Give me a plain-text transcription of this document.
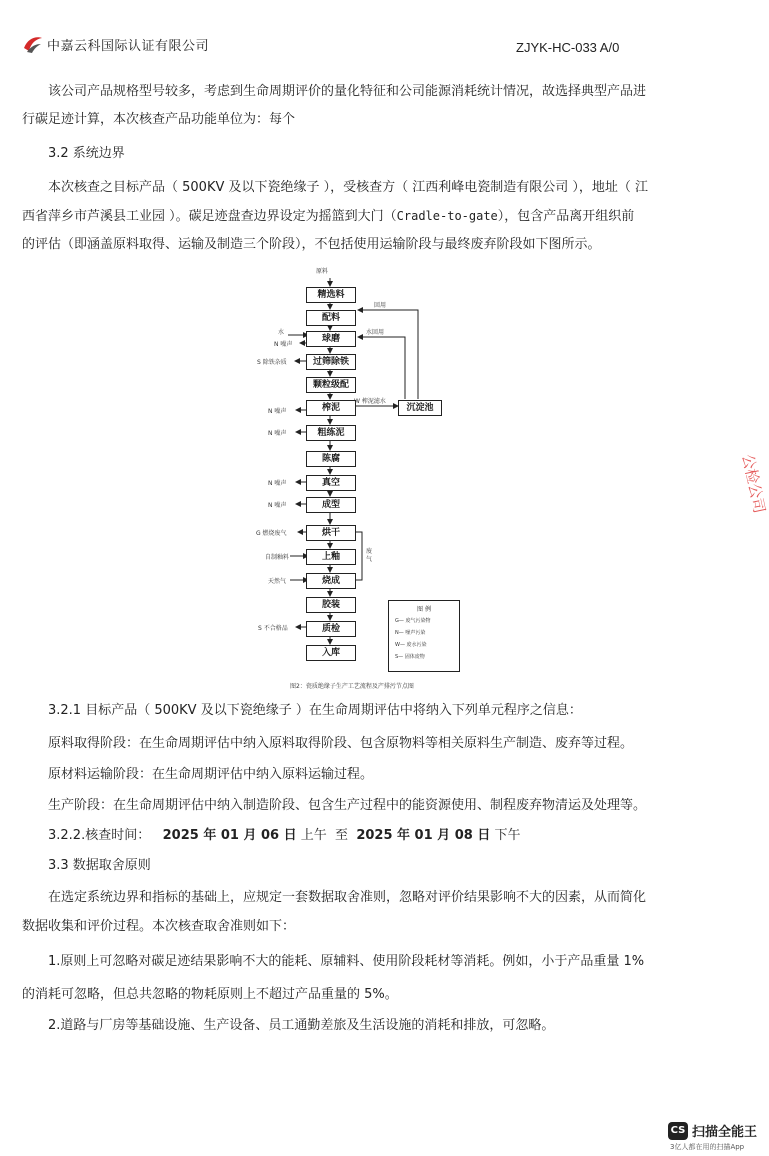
中嘉云科国际认证有限公司	ZJYK-HC-033 A/0
该公司产品规格型号较多，考虑到生命周期评价的量化特征和公司能源消耗统计情况，故选择典型产品进
行碳足迹计算，本次核查产品功能单位为：每个
3.2 系统边界
本次核查之目标产品（ 500KV 及以下瓷绝缘子 ），受核查方（ 江西利峰电瓷制造有限公司 ），地址（ 江
西省萍乡市芦溪县工业园 ）。碳足迹盘查边界设定为摇篮到大门（Cradle-to-gate），包含产品离开组织前
的评估（即涵盖原料取得、运输及制造三个阶段），不包括使用运输阶段与最终废弃阶段如下图所示。
原料
精选料
配料
球磨
过筛除铁
颗粒级配
榨泥
粗练泥
陈腐
真空
成型
烘干
上釉
烧成
胶装
质检
入库
沉淀池
回用
水回用
W 榨泥滤水
水
N 噪声
S 除铁杂质
N 噪声
N 噪声
N 噪声
N 噪声
G 燃烧废气
自制釉料
天然气
S 不合格品
废气
图 例
G— 废气污染物
N— 噪声污染
W— 废水污染
S— 固体废物
图2：瓷质绝缘子生产工艺流程及产排污节点图
3.2.1 目标产品（ 500KV 及以下瓷绝缘子 ）在生命周期评估中将纳入下列单元程序之信息：
原料取得阶段：在生命周期评估中纳入原料取得阶段、包含原物料等相关原料生产制造、废弃等过程。
原材料运输阶段：在生命周期评估中纳入原料运输过程。
生产阶段：在生命周期评估中纳入制造阶段、包含生产过程中的能资源使用、制程废弃物清运及处理等。
3.2.2.核查时间： 2025 年 01 月 06 日 上午 至 2025 年 01 月 08 日 下午
3.3 数据取舍原则
在选定系统边界和指标的基础上，应规定一套数据取舍准则，忽略对评价结果影响不大的因素，从而简化
数据收集和评价过程。本次核查取舍准则如下：
1.原则上可忽略对碳足迹结果影响不大的能耗、原辅料、使用阶段耗材等消耗。例如，小于产品重量 1%
的消耗可忽略，但总共忽略的物耗原则上不超过产品重量的 5%。
2.道路与厂房等基础设施、生产设备、员工通勤差旅及生活设施的消耗和排放，可忽略。
公检公司
CS 扫描全能王
3亿人都在用的扫描App
